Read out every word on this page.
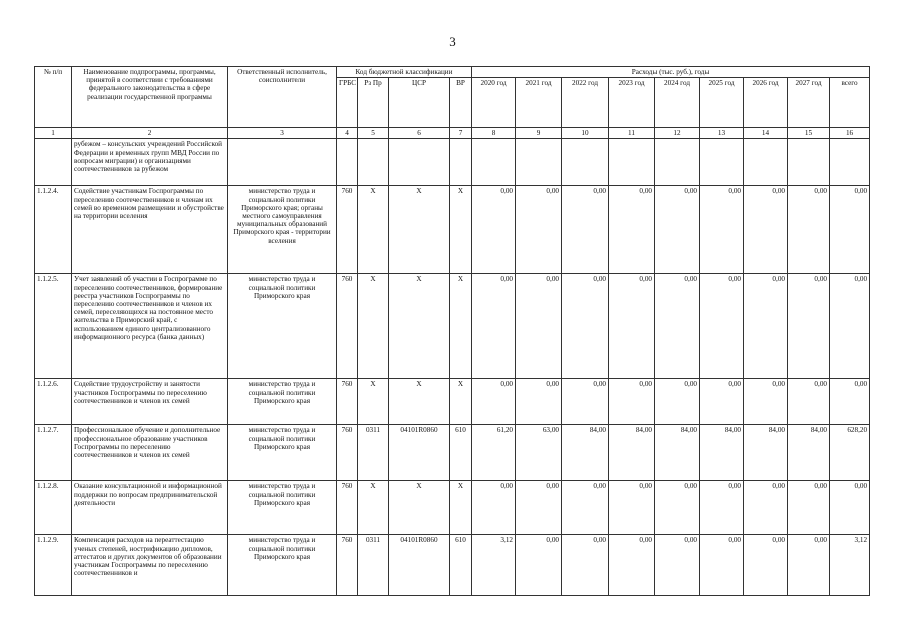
3
№ п/п	Наименование подпрограммы, программы, принятой в соответствии с требованиями федерального законодательства в сфере реализации государственной программы	Ответственный исполнитель, соисполнители	Код бюджетной классификации				Расходы (тыс. руб.), годы								
			ГРБС	Рз Пр	ЦСР	ВР	2020 год	2021 год	2022 год	2023 год	2024 год	2025 год	2026 год	2027 год	всего
1	2	3	4	5	6	7	8	9	10	11	12	13	14	15	16
	рубежом – консульских учреждений Российской Федерации и временных групп МВД России по вопросам миграции) и организациями соотечественников за рубежом														
1.1.2.4.	Содействие участникам Госпрограммы по переселению соотечественников и членам их семей во временном размещении и обустройстве на территории вселения	министерство труда и социальной политики Приморского края; органы местного самоуправления муниципальных образований Приморского края - территории вселения	760	Х	Х	Х	0,00	0,00	0,00	0,00	0,00	0,00	0,00	0,00	0,00
1.1.2.5.	Учет заявлений об участии в Госпрограмме по переселению соотечественников, формирование реестра участников Госпрограммы по переселению соотечественников и членов их семей, переселяющихся на постоянное место жительства в Приморский край, с использованием единого централизованного информационного ресурса (банка данных)	министерство труда и социальной политики Приморского края	760	Х	Х	Х	0,00	0,00	0,00	0,00	0,00	0,00	0,00	0,00	0,00
1.1.2.6.	Содействие трудоустройству и занятости участников Госпрограммы по переселению соотечественников и членов их семей	министерство труда и социальной политики Приморского края	760	Х	Х	Х	0,00	0,00	0,00	0,00	0,00	0,00	0,00	0,00	0,00
1.1.2.7.	Профессиональное обучение и дополнительное профессиональное образование участников Госпрограммы по переселению соотечественников и членов их семей	министерство труда и социальной политики Приморского края	760	0311	04101R0860	610	61,20	63,00	84,00	84,00	84,00	84,00	84,00	84,00	628,20
1.1.2.8.	Оказание консультационной и информационной поддержки по вопросам предпринимательской деятельности	министерство труда и социальной политики Приморского края	760	Х	Х	Х	0,00	0,00	0,00	0,00	0,00	0,00	0,00	0,00	0,00
1.1.2.9.	Компенсация расходов на переаттестацию ученых степеней, нострификацию дипломов, аттестатов и других документов об образовании участникам Госпрограммы по переселению соотечественников и	министерство труда и социальной политики Приморского края	760	0311	04101R0860	610	3,12	0,00	0,00	0,00	0,00	0,00	0,00	0,00	3,12
